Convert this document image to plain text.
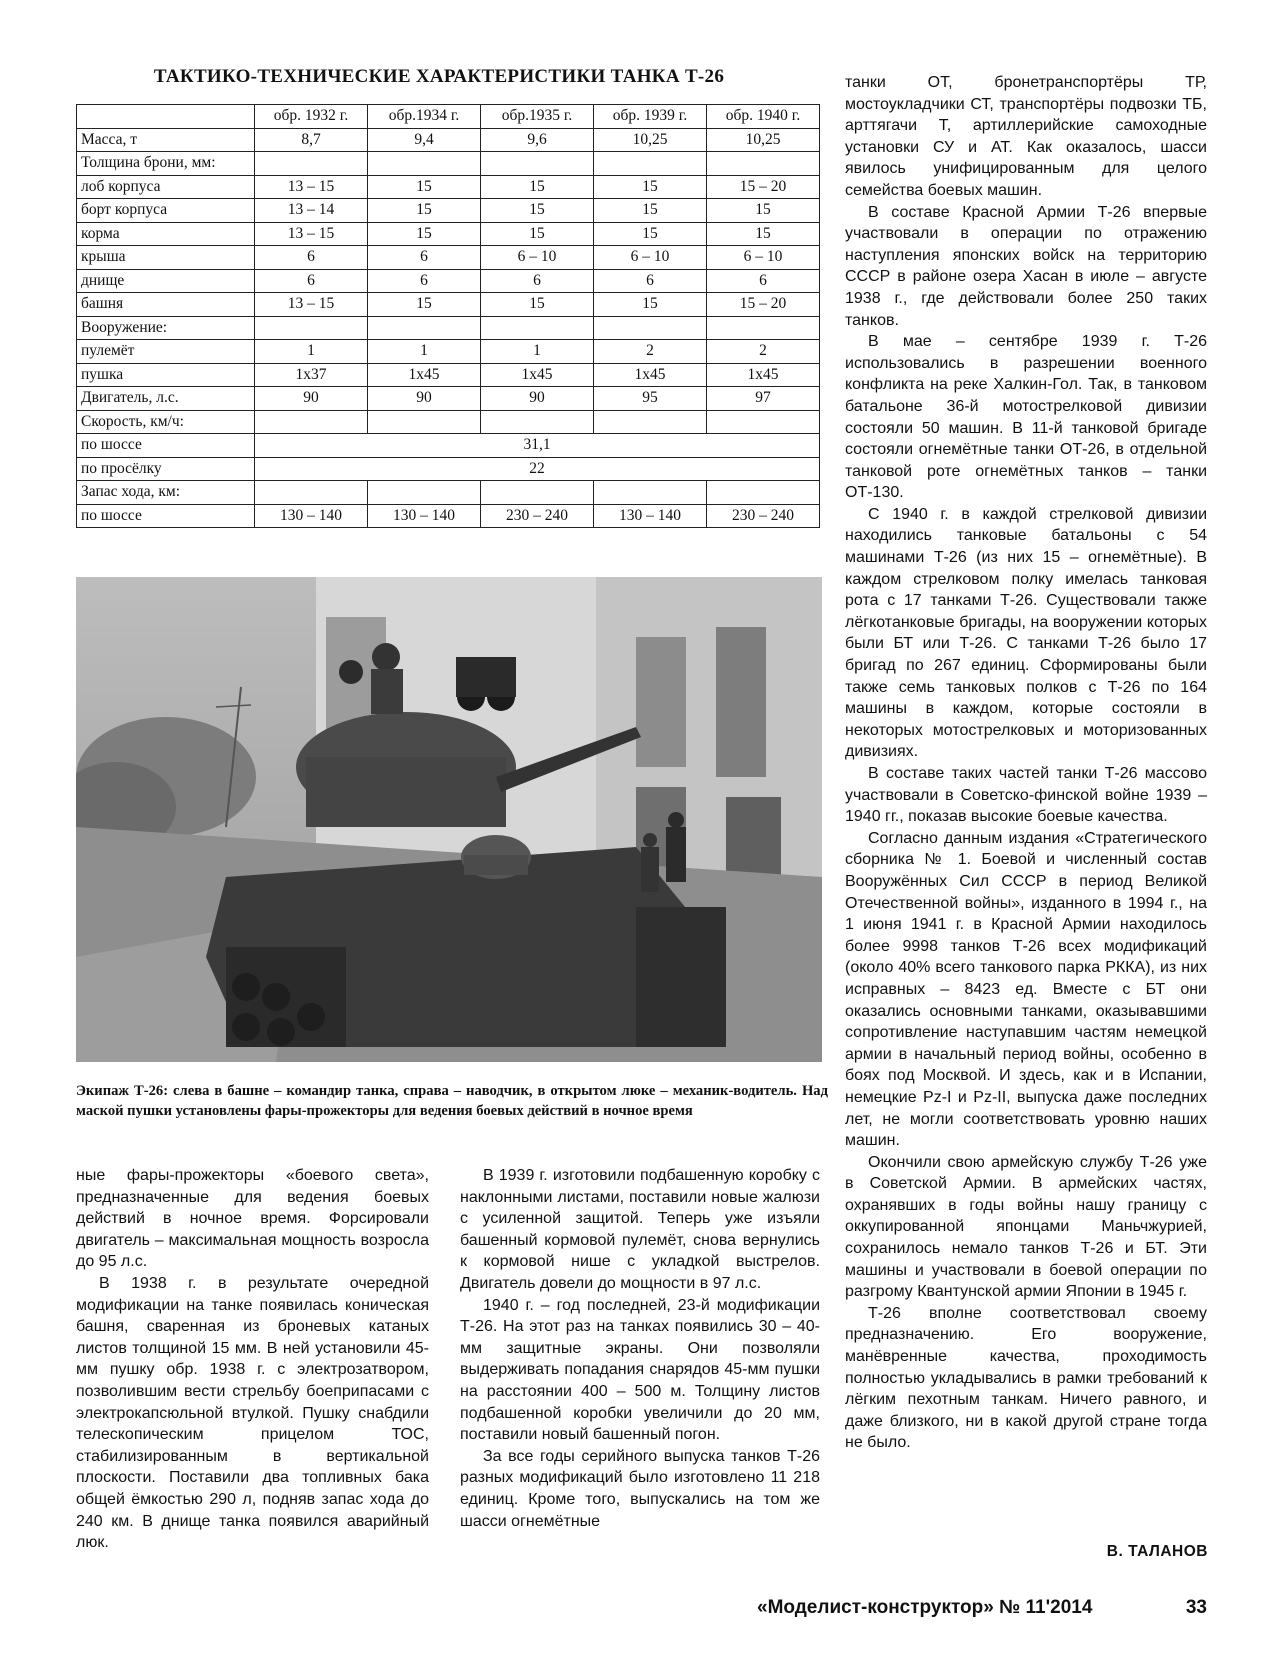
ТАКТИКО-ТЕХНИЧЕСКИЕ ХАРАКТЕРИСТИКИ ТАНКА Т-26
	обр. 1932 г.	обр.1934 г.	обр.1935 г.	обр. 1939 г.	обр. 1940 г.
Масса, т	8,7	9,4	9,6	10,25	10,25
Толщина брони, мм:					
лоб корпуса	13 – 15	15	15	15	15 – 20
борт корпуса	13 – 14	15	15	15	15
корма	13 – 15	15	15	15	15
крыша	6	6	6 – 10	6 – 10	6 – 10
днище	6	6	6	6	6
башня	13 – 15	15	15	15	15 – 20
Вооружение:					
пулемёт	1	1	1	2	2
пушка	1x37	1x45	1x45	1x45	1x45
Двигатель, л.с.	90	90	90	95	97
Скорость, км/ч:					
по шоссе	31,1				
по просёлку	22				
Запас хода, км:					
по шоссе	130 – 140	130 – 140	230 – 240	130 – 140	230 – 240
Экипаж Т-26: слева в башне – командир танка, справа – наводчик, в открытом люке – механик-водитель. Над маской пушки установлены фары-прожекторы для ведения боевых действий в ночное время

ные фары-прожекторы «боевого света», предназначенные для ведения боевых действий в ночное время. Форсировали двигатель – максимальная мощность возросла до 95 л.с.

В 1938 г. в результате очередной модификации на танке появилась коническая башня, сваренная из броневых катаных листов толщиной 15 мм. В ней установили 45-мм пушку обр. 1938 г. с электрозатвором, позволившим вести стрельбу боеприпасами с электрокапсюльной втулкой. Пушку снабдили телескопическим прицелом ТОС, стабилизированным в вертикальной плоскости. Поставили два топливных бака общей ёмкостью 290 л, подняв запас хода до 240 км. В днище танка появился аварийный люк.

В 1939 г. изготовили подбашенную коробку с наклонными листами, поставили новые жалюзи с усиленной защитой. Теперь уже изъяли башенный кормовой пулемёт, снова вернулись к кормовой нише с укладкой выстрелов. Двигатель довели до мощности в 97 л.с.

1940 г. – год последней, 23-й модификации Т-26. На этот раз на танках появились 30 – 40-мм защитные экраны. Они позволяли выдерживать попадания снарядов 45-мм пушки на расстоянии 400 – 500 м. Толщину листов подбашенной коробки увеличили до 20 мм, поставили новый башенный погон.

За все годы серийного выпуска танков Т-26 разных модификаций было изготовлено 11 218 единиц. Кроме того, выпускались на том же шасси огнемётные

танки ОТ, бронетранспортёры ТР, мостоукладчики СТ, транспортёры подвозки ТБ, арттягачи Т, артиллерийские самоходные установки СУ и АТ. Как оказалось, шасси явилось унифицированным для целого семейства боевых машин.

В составе Красной Армии Т-26 впервые участвовали в операции по отражению наступления японских войск на территорию СССР в районе озера Хасан в июле – августе 1938 г., где действовали более 250 таких танков.

В мае – сентябре 1939 г. Т-26 использовались в разрешении военного конфликта на реке Халкин-Гол. Так, в танковом батальоне 36-й мотострелковой дивизии состояли 50 машин. В 11-й танковой бригаде состояли огнемётные танки ОТ-26, в отдельной танковой роте огнемётных танков – танки ОТ-130.

С 1940 г. в каждой стрелковой дивизии находились танковые батальоны с 54 машинами Т-26 (из них 15 – огнемётные). В каждом стрелковом полку имелась танковая рота с 17 танками Т-26. Существовали также лёгкотанковые бригады, на вооружении которых были БТ или Т-26. С танками Т-26 было 17 бригад по 267 единиц. Сформированы были также семь танковых полков с Т-26 по 164 машины в каждом, которые состояли в некоторых мотострелковых и моторизованных дивизиях.

В составе таких частей танки Т-26 массово участвовали в Советско-финской войне 1939 – 1940 гг., показав высокие боевые качества.

Согласно данным издания «Стратегического сборника № 1. Боевой и численный состав Вооружённых Сил СССР в период Великой Отечественной войны», изданного в 1994 г., на 1 июня 1941 г. в Красной Армии находилось более 9998 танков Т-26 всех модификаций (около 40% всего танкового парка РККА), из них исправных – 8423 ед. Вместе с БТ они оказались основными танками, оказывавшими сопротивление наступавшим частям немецкой армии в начальный период войны, особенно в боях под Москвой. И здесь, как и в Испании, немецкие Pz-I и Pz-II, выпуска даже последних лет, не могли соответствовать уровню наших машин.

Окончили свою армейскую службу Т-26 уже в Советской Армии. В армейских частях, охранявших в годы войны нашу границу с оккупированной японцами Маньчжурией, сохранилось немало танков Т-26 и БТ. Эти машины и участвовали в боевой операции по разгрому Квантунской армии Японии в 1945 г.

Т-26 вполне соответствовал своему предназначению. Его вооружение, манёвренные качества, проходимость полностью укладывались в рамки требований к лёгким пехотным танкам. Ничего равного, и даже близкого, ни в какой другой стране тогда не было.

В. ТАЛАНОВ
«Моделист-конструктор» № 11'2014	33
